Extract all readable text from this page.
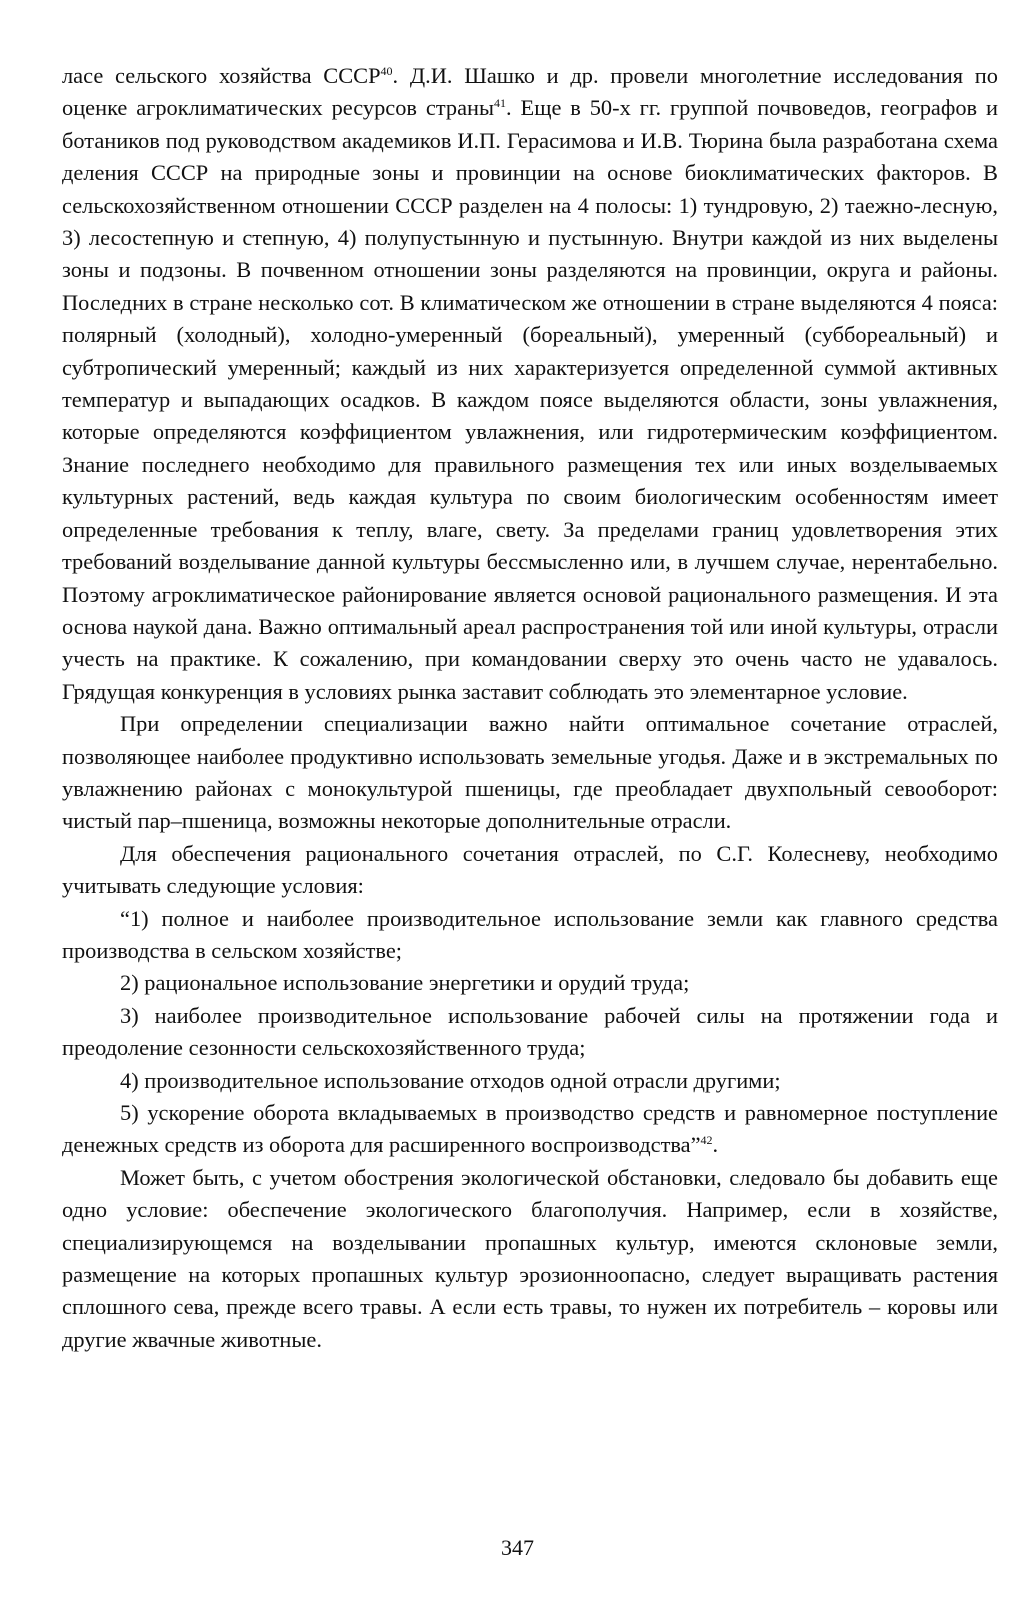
ласе сельского хозяйства СССР$^{40}$. Д.И. Шашко и др. провели многолетние исследования по оценке агроклиматических ресурсов страны$^{41}$. Еще в 50-х гг. группой почвоведов, географов и ботаников под руководством академиков И.П. Герасимова и И.В. Тюрина была разработана схема деления СССР на природные зоны и провинции на основе биоклиматических факторов. В сельскохозяйственном отношении СССР разделен на 4 полосы: 1) тундровую, 2) таежно-лесную, 3) лесостепную и степную, 4) полупустынную и пустынную. Внутри каждой из них выделены зоны и подзоны. В почвенном отношении зоны разделяются на провинции, округа и районы. Последних в стране несколько сот. В климатическом же отношении в стране выделяются 4 пояса: полярный (холодный), холодно-умеренный (бореальный), умеренный (суббореальный) и субтропический умеренный; каждый из них характеризуется определенной суммой активных температур и выпадающих осадков. В каждом поясе выделяются области, зоны увлажнения, которые определяются коэффициентом увлажнения, или гидротермическим коэффициентом. Знание последнего необходимо для правильного размещения тех или иных возделываемых культурных растений, ведь каждая культура по своим биологическим особенностям имеет определенные требования к теплу, влаге, свету. За пределами границ удовлетворения этих требований возделывание данной культуры бессмысленно или, в лучшем случае, нерентабельно. Поэтому агроклиматическое районирование является основой рационального размещения. И эта основа наукой дана. Важно оптимальный ареал распространения той или иной культуры, отрасли учесть на практике. К сожалению, при командовании сверху это очень часто не удавалось. Грядущая конкуренция в условиях рынка заставит соблюдать это элементарное условие.

При определении специализации важно найти оптимальное сочетание отраслей, позволяющее наиболее продуктивно использовать земельные угодья. Даже и в экстремальных по увлажнению районах с монокультурой пшеницы, где преобладает двухпольный севооборот: чистый пар–пшеница, возможны некоторые дополнительные отрасли.

Для обеспечения рационального сочетания отраслей, по С.Г. Колесневу, необходимо учитывать следующие условия:

“1) полное и наиболее производительное использование земли как главного средства производства в сельском хозяйстве;

2) рациональное использование энергетики и орудий труда;

3) наиболее производительное использование рабочей силы на протяжении года и преодоление сезонности сельскохозяйственного труда;

4) производительное использование отходов одной отрасли другими;

5) ускорение оборота вкладываемых в производство средств и равномерное поступление денежных средств из оборота для расширенного воспроизводства”$^{42}$.

Может быть, с учетом обострения экологической обстановки, следовало бы добавить еще одно условие: обеспечение экологического благополучия. Например, если в хозяйстве, специализирующемся на возделывании пропашных культур, имеются склоновые земли, размещение на которых пропашных культур эрозионноопасно, следует выращивать растения сплошного сева, прежде всего травы. А если есть травы, то нужен их потребитель – коровы или другие жвачные животные.

347
